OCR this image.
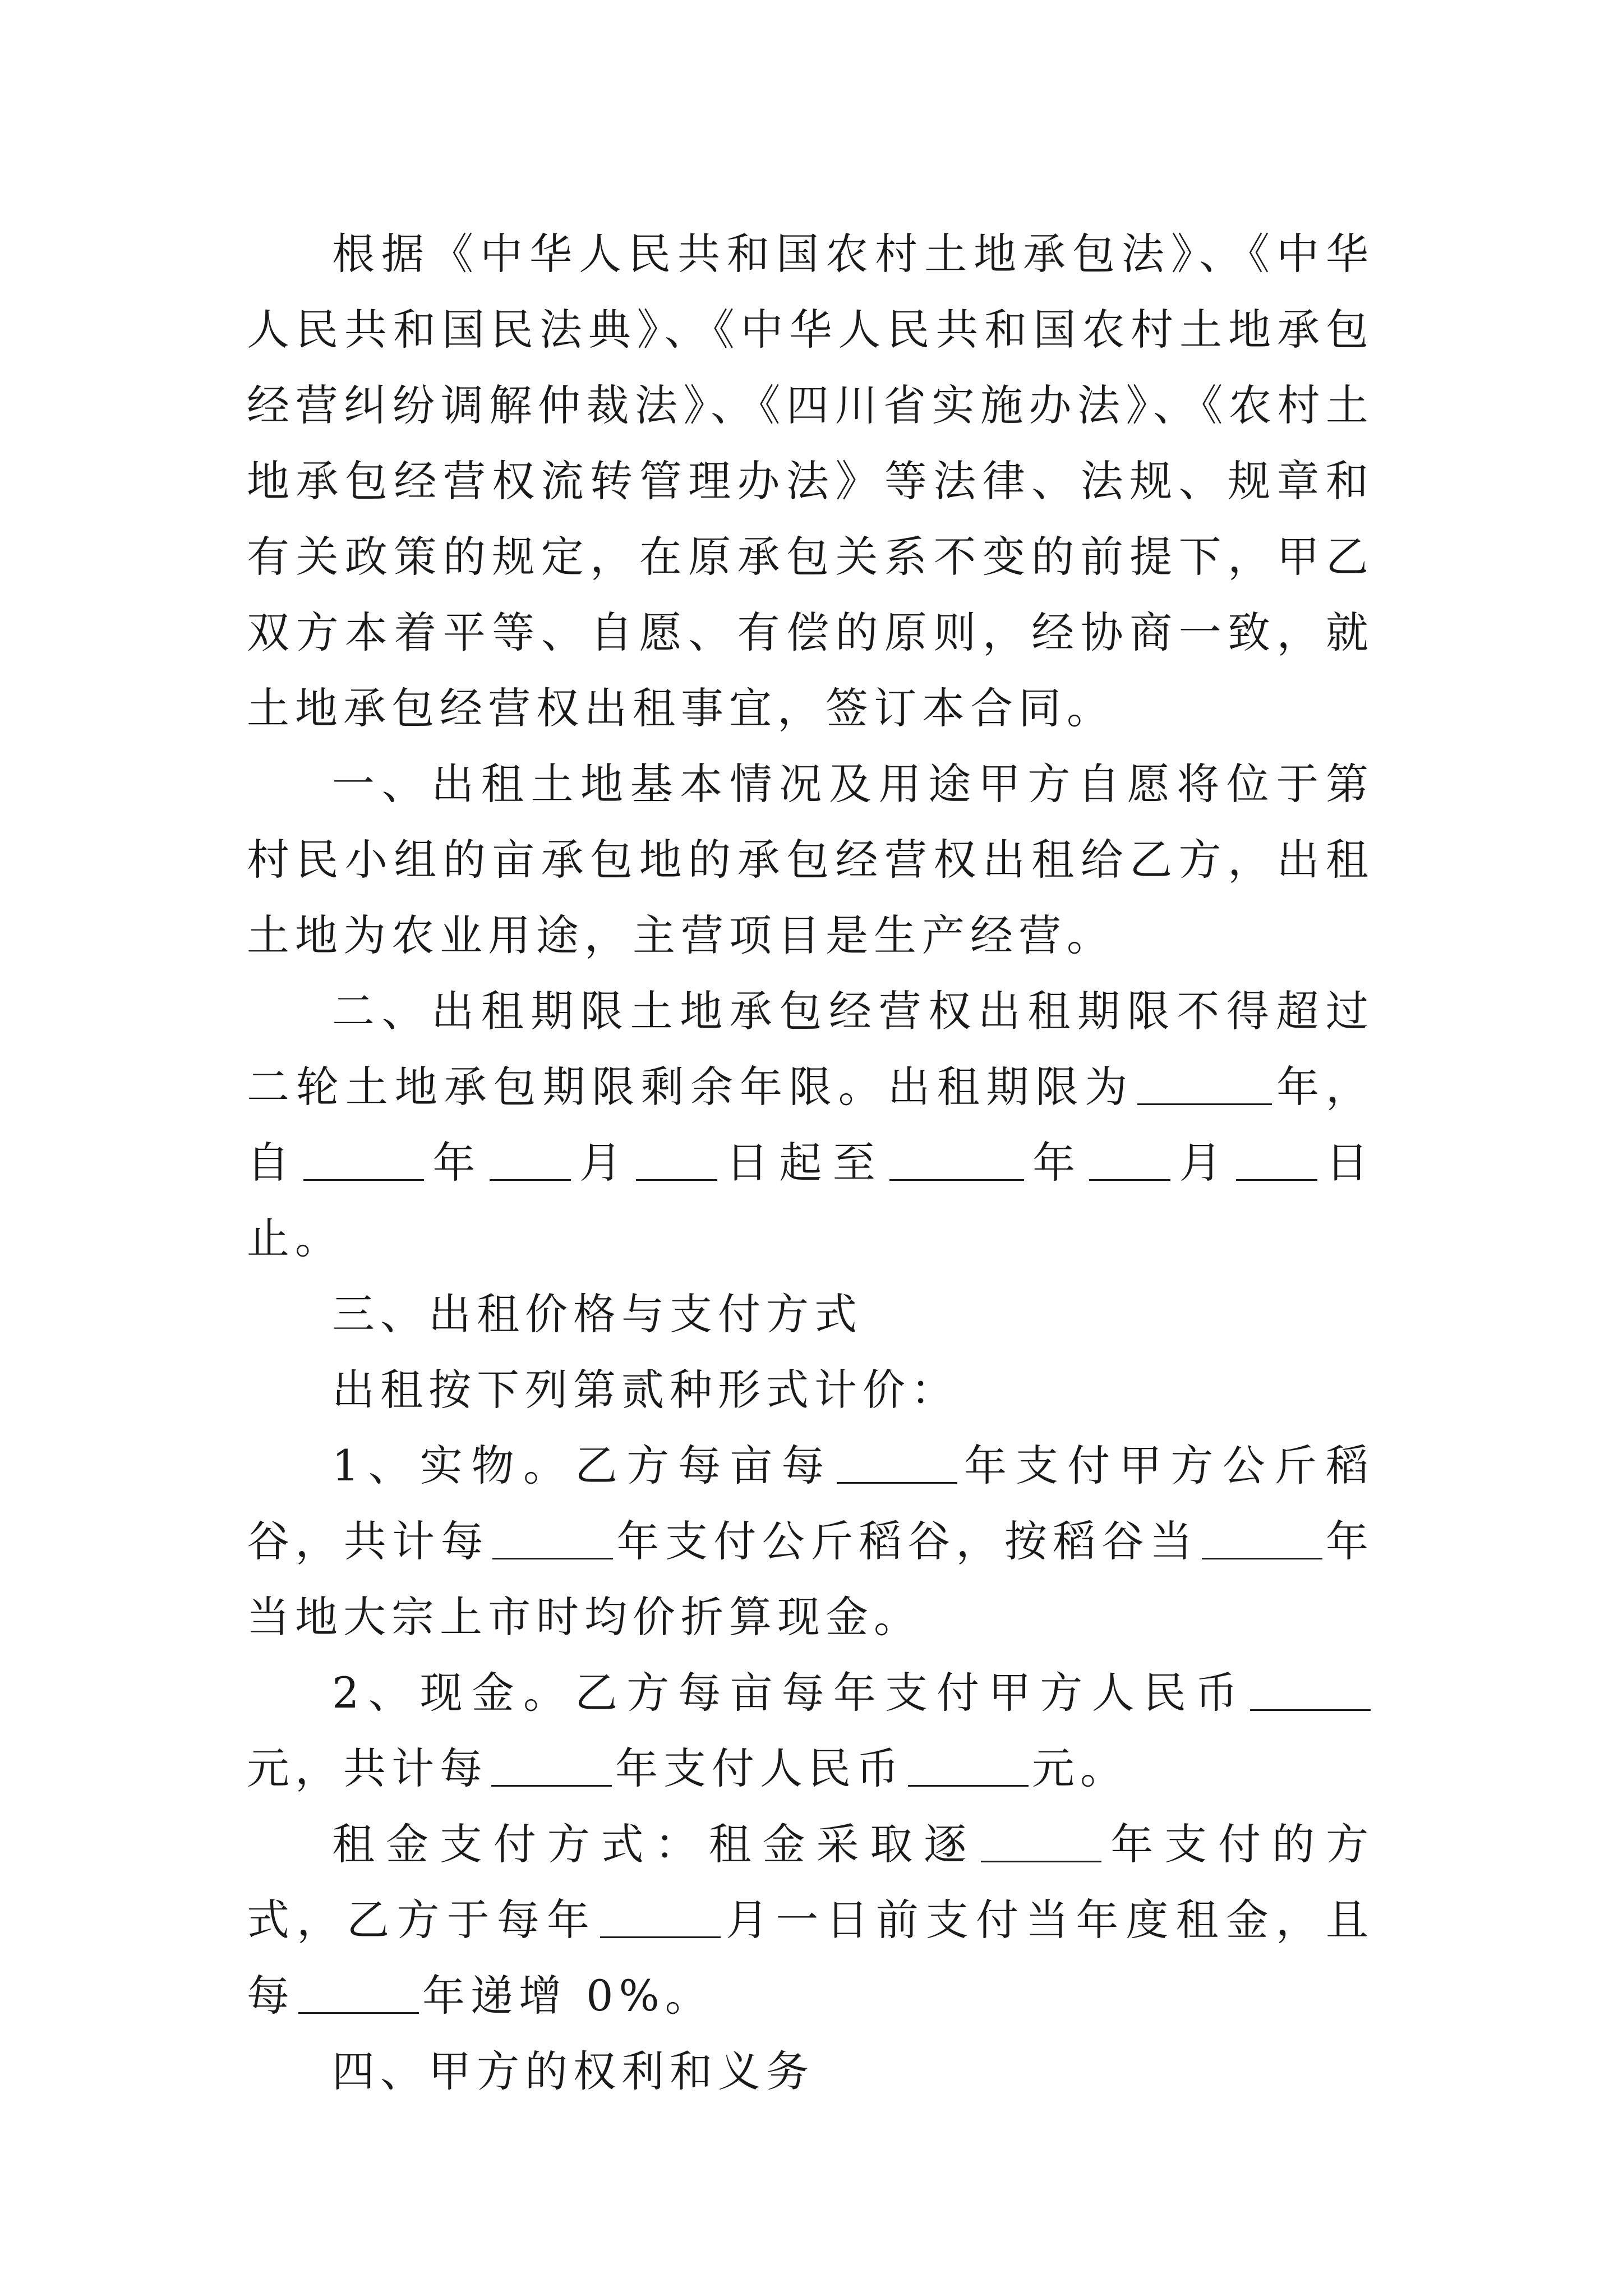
根据《中华人民共和国农村土地承包法》、《中华人民共和国民法典》、《中华人民共和国农村土地承包经营纠纷调解仲裁法》、《四川省实施办法》、《农村土地承包经营权流转管理办法》等法律、法规、规章和有关政策的规定，在原承包关系不变的前提下，甲乙双方本着平等、自愿、有偿的原则，经协商一致，就土地承包经营权出租事宜，签订本合同。

一、出租土地基本情况及用途甲方自愿将位于第村民小组的亩承包地的承包经营权出租给乙方，出租土地为农业用途，主营项目是生产经营。

二、出租期限土地承包经营权出租期限不得超过二轮土地承包期限剩余年限。出租期限为	年，自	年 月 日起至	年 月 日止。

三、出租价格与支付方式

出租按下列第贰种形式计价：

1、实物。乙方每亩每	年支付甲方公斤稻谷，共计每	年支付公斤稻谷，按稻谷当	年当地大宗上市时均价折算现金。

2、现金。乙方每亩每年支付甲方人民币元，共计每	年支付人民币	元。

租金支付方式：租金采取逐	年支付的方式，乙方于每年	月一日前支付当年度租金，且每	年递增 0%。

四、甲方的权利和义务
